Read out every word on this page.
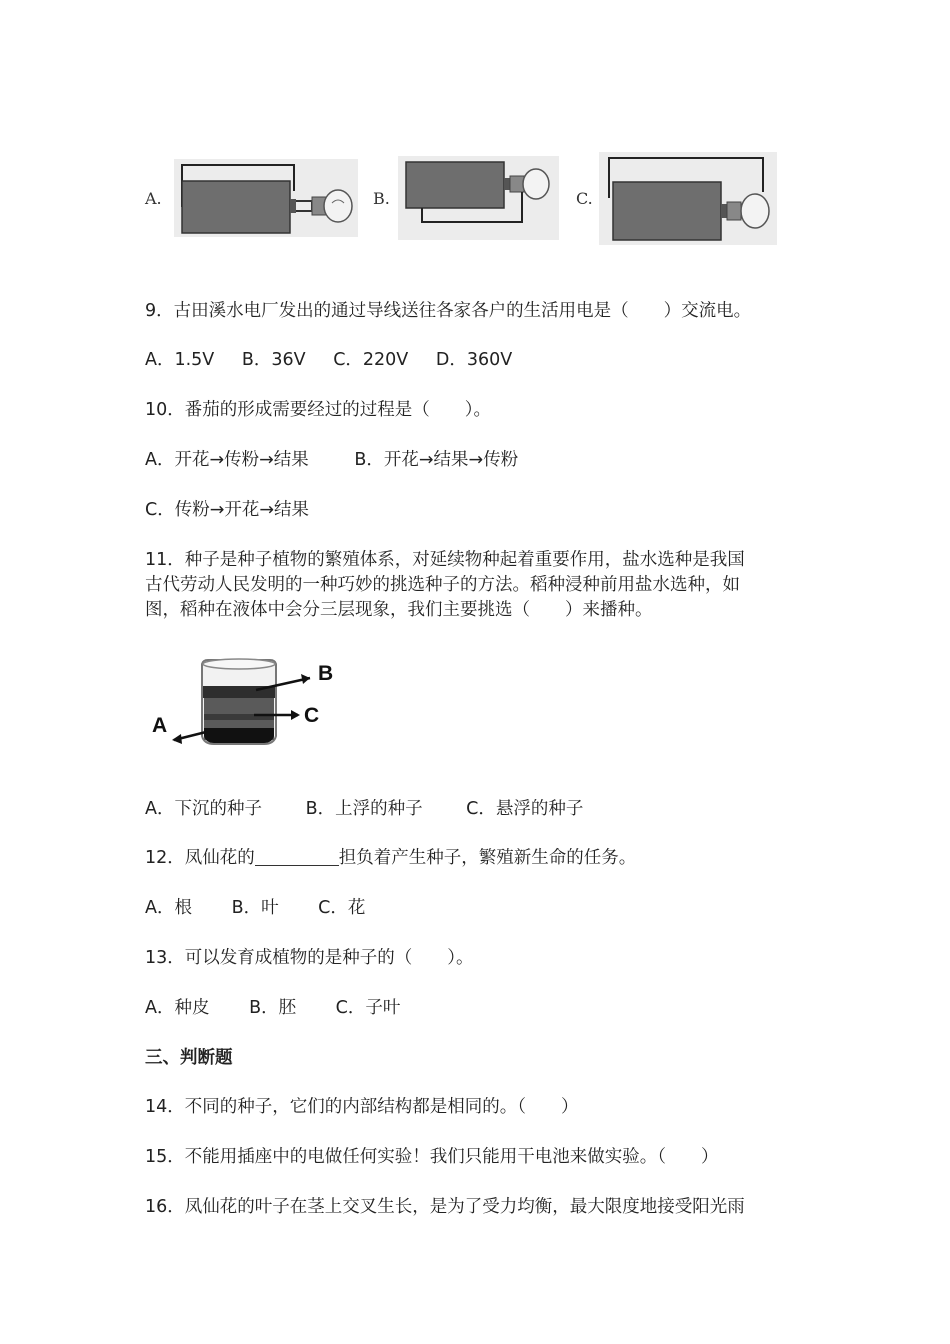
A.	B.	C.
9．古田溪水电厂发出的通过导线送往各家各户的生活用电是（　　）交流电。
A．1.5V B．36V C．220V D．360V
10．番茄的形成需要经过的过程是（　　）。
A．开花→传粉→结果	B．开花→结果→传粉
C．传粉→开花→结果
11．种子是种子植物的繁殖体系，对延续物种起着重要作用，盐水选种是我国
古代劳动人民发明的一种巧妙的挑选种子的方法。稻种浸种前用盐水选种，如
图，稻种在液体中会分三层现象，我们主要挑选（　　）来播种。
B
C
A
A．下沉的种子 B．上浮的种子 C．悬浮的种子
12．凤仙花的	担负着产生种子，繁殖新生命的任务。
A．根 B．叶 C．花
13．可以发育成植物的是种子的（　　）。
A．种皮 B．胚 C．子叶
三、判断题
14．不同的种子，它们的内部结构都是相同的。（　　）
15．不能用插座中的电做任何实验！我们只能用干电池来做实验。（　　）
16．凤仙花的叶子在茎上交叉生长，是为了受力均衡，最大限度地接受阳光雨
